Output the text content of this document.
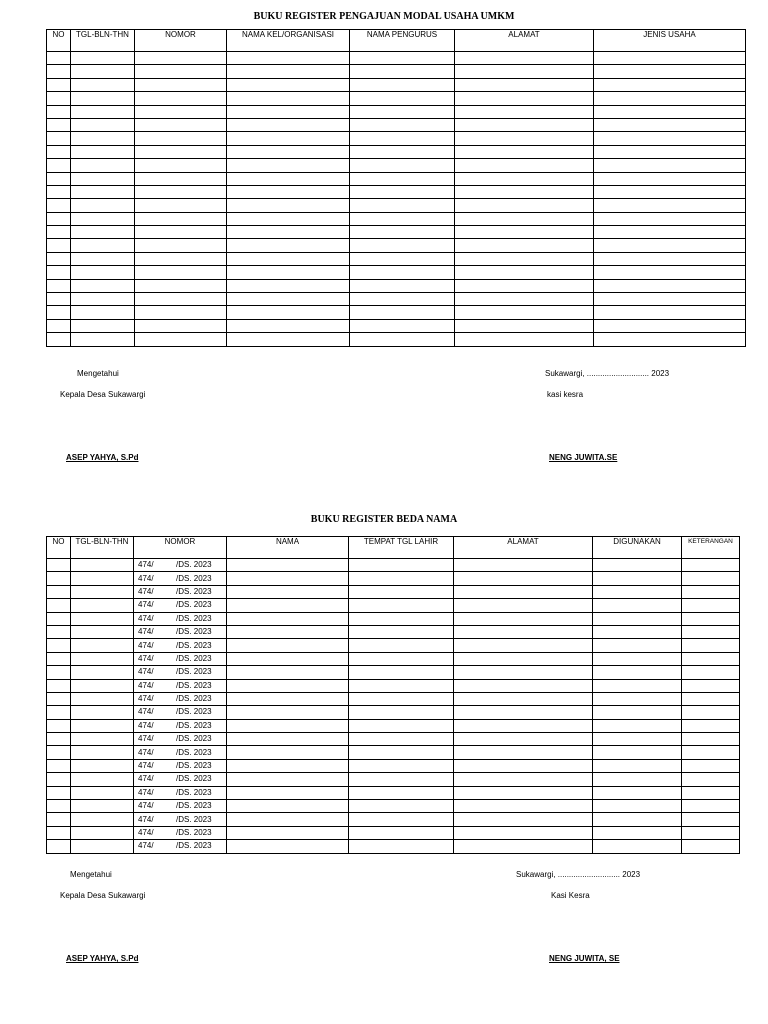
BUKU REGISTER PENGAJUAN MODAL USAHA UMKM
NO	TGL-BLN-THN	NOMOR	NAMA KEL/ORGANISASI	NAMA PENGURUS	ALAMAT	JENIS USAHA

Mengetahui
Kepala Desa Sukawargi
ASEP YAHYA, S.Pd
Sukawargi, ............................ 2023
kasi kesra
NENG JUWITA.SE
BUKU REGISTER BEDA NAMA
NO	TGL-BLN-THN	NOMOR	NAMA	TEMPAT TGL LAHIR	ALAMAT	DIGUNAKAN	KETERANGAN
		474/ /DS. 2023					
		474/ /DS. 2023					
		474/ /DS. 2023					
		474/ /DS. 2023					
		474/ /DS. 2023					
		474/ /DS. 2023					
		474/ /DS. 2023					
		474/ /DS. 2023					
		474/ /DS. 2023					
		474/ /DS. 2023					
		474/ /DS. 2023					
		474/ /DS. 2023					
		474/ /DS. 2023					
		474/ /DS. 2023					
		474/ /DS. 2023					
		474/ /DS. 2023					
		474/ /DS. 2023					
		474/ /DS. 2023					
		474/ /DS. 2023					
		474/ /DS. 2023					
		474/ /DS. 2023					
		474/ /DS. 2023					
Mengetahui
Kepala Desa Sukawargi
ASEP YAHYA, S.Pd
Sukawargi, ............................ 2023
Kasi Kesra
NENG JUWITA, SE
